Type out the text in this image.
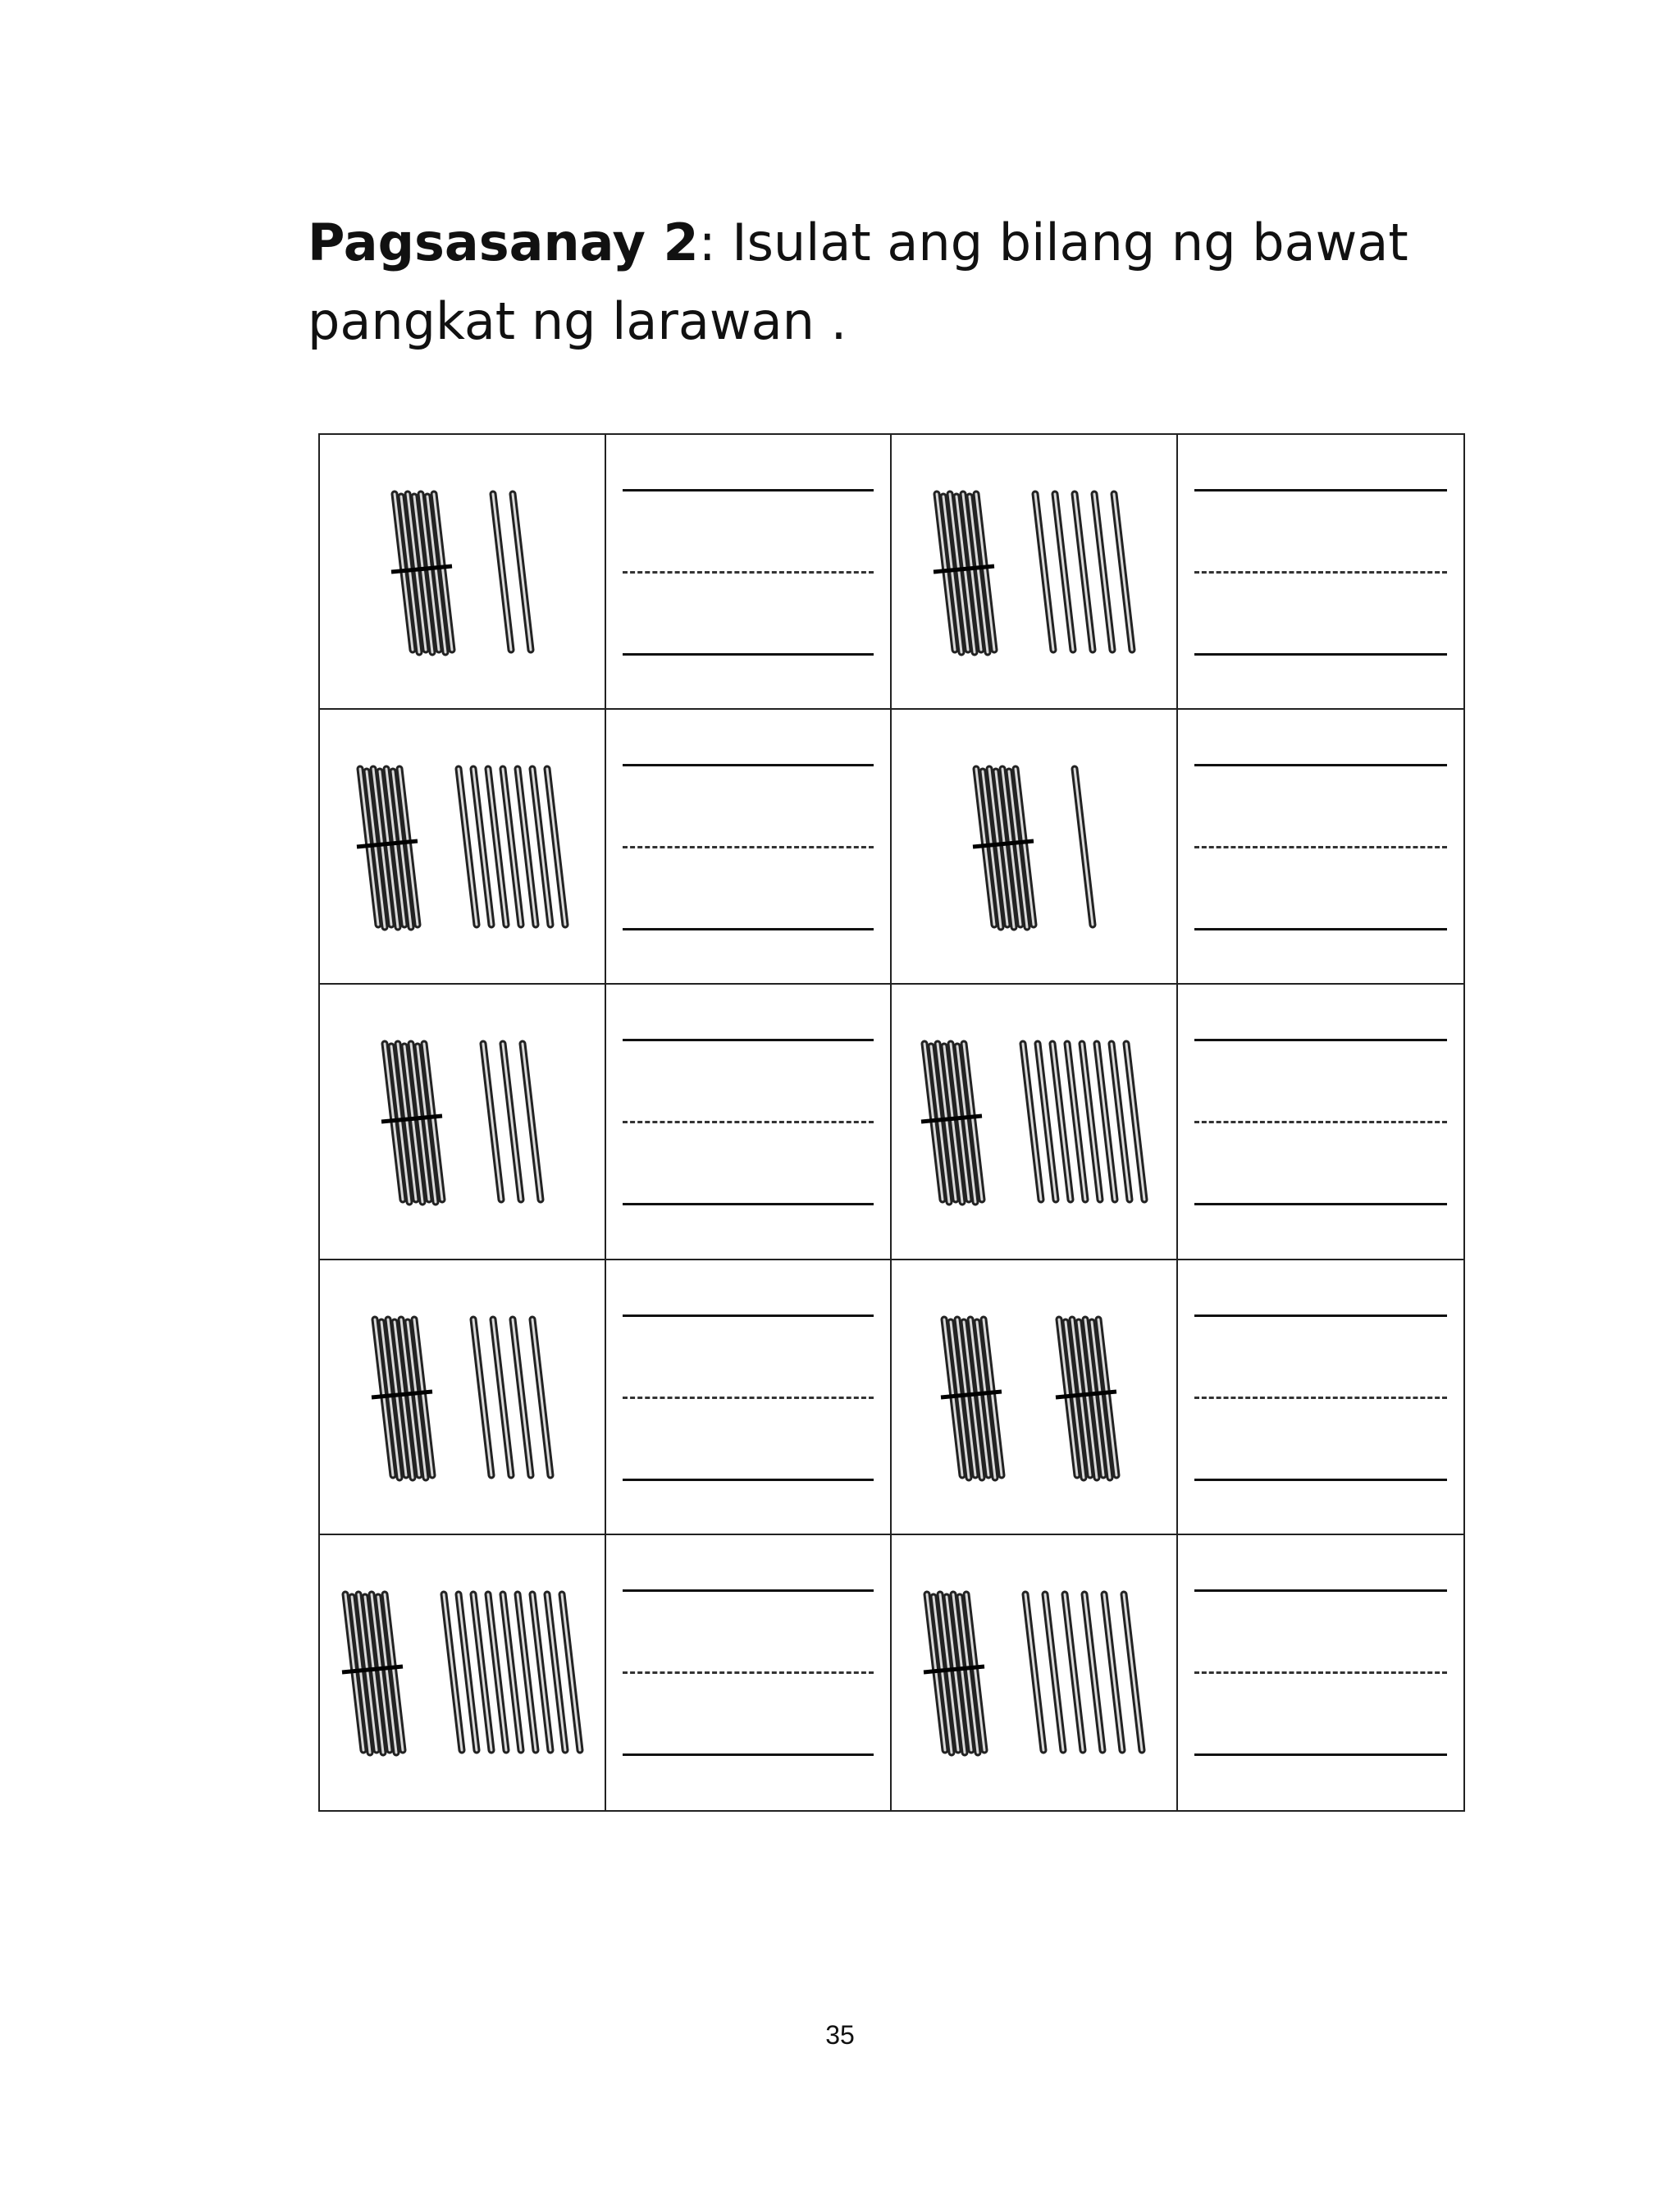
Pagsasanay 2: Isulat ang bilang ng bawat pangkat ng larawan .
35
